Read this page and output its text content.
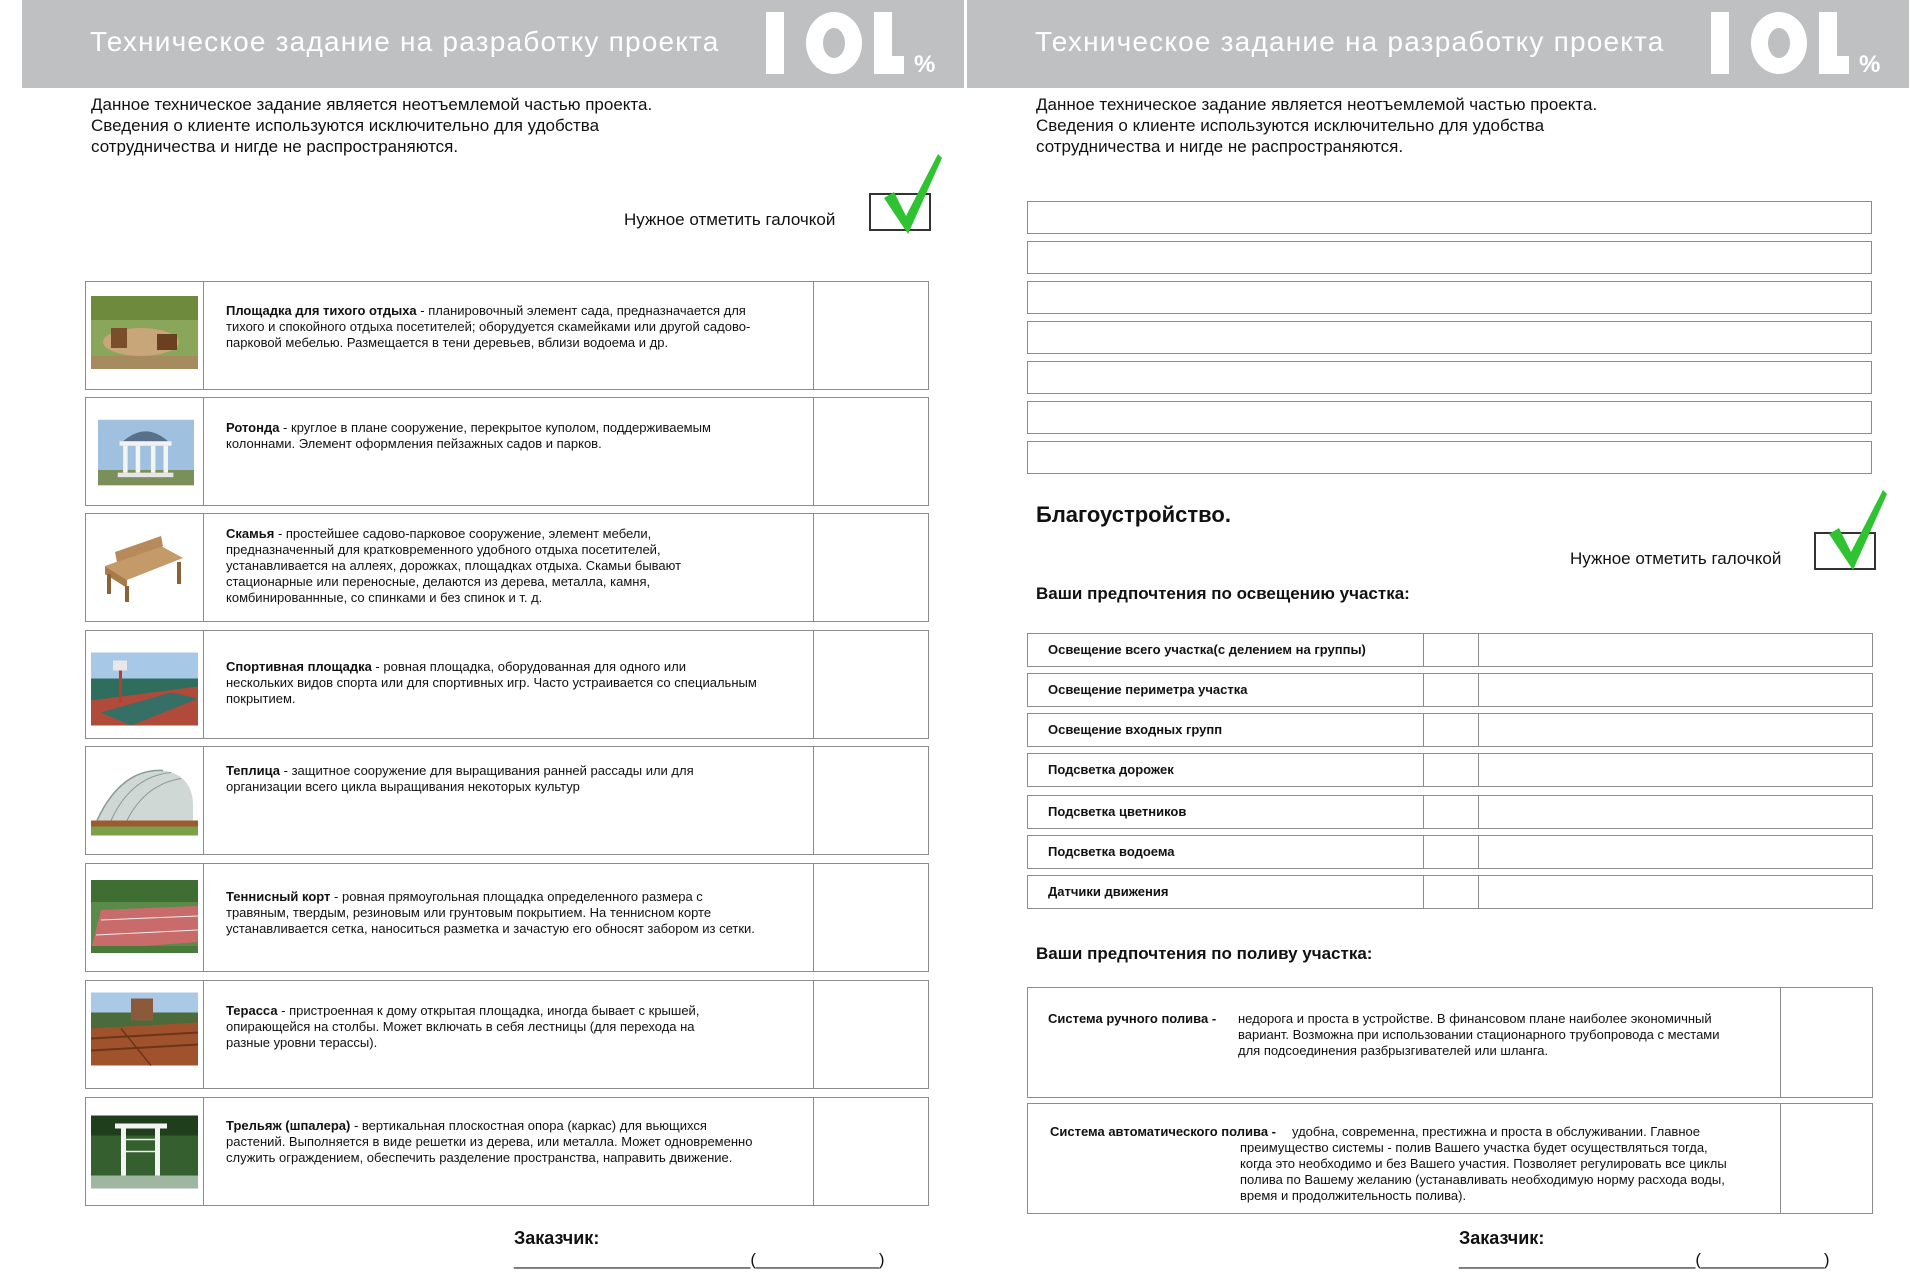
Техническое задание на разработку проекта
%
Данное техническое задание является неотъемлемой частью проекта.
Сведения о клиенте используются исключительно для удобства
сотрудничества и нигде не распространяются.
Нужное отметить галочкой
Площадка для тихого отдыха - планировочный элемент сада, предназначается для
тихого и спокойного отдыха посетителей; оборудуется скамейками или другой садово-
парковой мебелью. Размещается в тени деревьев, вблизи водоема и др.
Ротонда - круглое в плане сооружение, перекрытое куполом, поддерживаемым
колоннами. Элемент оформления пейзажных садов и парков.
Скамья - простейшее садово-парковое сооружение, элемент мебели,
предназначенный для кратковременного удобного отдыха посетителей,
устанавливается на аллеях, дорожках, площадках отдыха. Скамьи бывают
стационарные или переносные, делаются из дерева, металла, камня,
комбинированнные, со спинками и без спинок и т. д.
Спортивная площадка - ровная площадка, оборудованная для одного или
нескольких видов спорта или для спортивных игр. Часто устраивается со специальным
покрытием.
Теплица - защитное сооружение для выращивания ранней рассады или для
организации всего цикла выращивания некоторых культур
Теннисный корт - ровная прямоугольная площадка определенного размера с
травяным, твердым, резиновым или грунтовым покрытием. На теннисном корте
устанавливается сетка, наноситься разметка и зачастую его обносят забором из сетки.
Терасса - пристроенная к дому открытая площадка, иногда бывает с крышей,
опирающейся на столбы. Может включать в себя лестницы (для перехода на
разные уровни терассы).
Трельяж (шпалера) - вертикальная плоскостная опора (каркас) для вьющихся
растений. Выполняется в виде решетки из дерева, или металла. Может одновременно
служить ограждением, обеспечить разделение пространства, направить движение.
Заказчик:
_________________________(_____________)
Техническое задание на разработку проекта
%
Данное техническое задание является неотъемлемой частью проекта.
Сведения о клиенте используются исключительно для удобства
сотрудничества и нигде не распространяются.
Благоустройство.
Нужное отметить галочкой
Ваши предпочтения по освещению участка:
Освещение всего участка(с делением на группы)
Освещение периметра участка
Освещение входных групп
Подсветка дорожек
Подсветка цветников
Подсветка водоема
Датчики движения
Ваши предпочтения по поливу участка:
Система ручного полива - недорога и проста в устройстве. В финансовом плане наиболее экономичный
вариант. Возможна при использовании стационарного трубопровода с местами
для подсоединения разбрызгивателей или шланга.
Система автоматического полива -	удобна, современна, престижна и проста в обслуживании. Главное
преимущество системы - полив Вашего участка будет осуществляться тогда,
когда это необходимо и без Вашего участия. Позволяет регулировать все циклы
полива по Вашему желанию (устанавливать необходимую норму расхода воды,
время и продолжительность полива).
Заказчик:
_________________________(_____________)
